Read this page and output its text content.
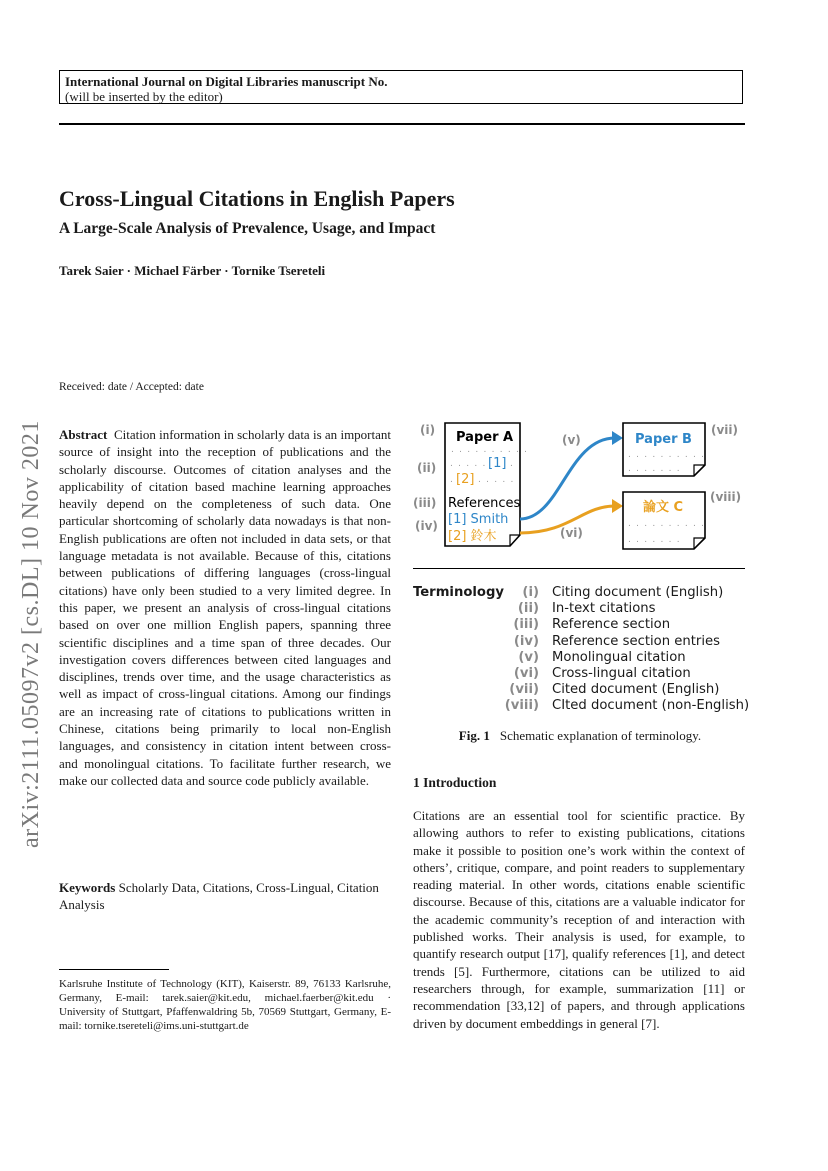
International Journal on Digital Libraries manuscript No.
(will be inserted by the editor)
Cross-Lingual Citations in English Papers
A Large-Scale Analysis of Prevalence, Usage, and Impact
Tarek Saier · Michael Färber · Tornike Tsereteli
arXiv:2111.05097v2 [cs.DL] 10 Nov 2021
Received: date / Accepted: date

Abstract Citation information in scholarly data is an important source of insight into the reception of publications and the scholarly discourse. Outcomes of citation analyses and the applicability of citation based machine learning approaches heavily depend on the completeness of such data. One particular shortcoming of scholarly data nowadays is that non-English publications are often not included in data sets, or that language metadata is not available. Because of this, citations between publications of differing languages (cross-lingual citations) have only been studied to a very limited degree. In this paper, we present an analysis of cross-lingual citations based on over one million English papers, spanning three scientific disciplines and a time span of three decades. Our investigation covers differences between cited languages and disciplines, trends over time, and the usage characteristics as well as impact of cross-lingual citations. Among our findings are an increasing rate of citations to publications written in Chinese, citations being primarily to local non-English languages, and consistency in citation intent between cross- and monolingual citations. To facilitate further research, we make our collected data and source code publicly available.

Keywords Scholarly Data, Citations, Cross-Lingual, Citation Analysis

Karlsruhe Institute of Technology (KIT), Kaiserstr. 89, 76133 Karlsruhe, Germany, E-mail: tarek.saier@kit.edu, michael.faerber@kit.edu · University of Stuttgart, Pfaffenwaldring 5b, 70569 Stuttgart, Germany, E-mail: tornike.tsereteli@ims.uni-stuttgart.de

(i)
(ii)
(iii)
(iv)
(v)
(vi)
(vii)
(viii)
Paper A
. . . . . . . . . .
. . . . . [1] .
. [2] . . . . .
References
[1] Smith
[2] 鈴木
Paper B
. . . . . . . . . .
. . . . . . .
論文 C
. . . . . . . . . .
. . . . . . .
Terminology (i) Citing document (English)
(ii) In-text citations
(iii) Reference section
(iv) Reference section entries
(v) Monolingual citation
(vi) Cross-lingual citation
(vii) Cited document (English)
(viii) CIted document (non-English)
Fig. 1 Schematic explanation of terminology.
1 Introduction

Citations are an essential tool for scientific practice. By allowing authors to refer to existing publications, citations make it possible to position one’s work within the context of others’, critique, compare, and point readers to supplementary reading material. In other words, citations enable scientific discourse. Because of this, citations are a valuable indicator for the academic community’s reception of and interaction with published works. Their analysis is used, for example, to quantify research output [17], qualify references [1], and detect trends [5]. Furthermore, citations can be utilized to aid researchers through, for example, summarization [11] or recommendation [33,12] of papers, and through applications driven by document embeddings in general [7].
